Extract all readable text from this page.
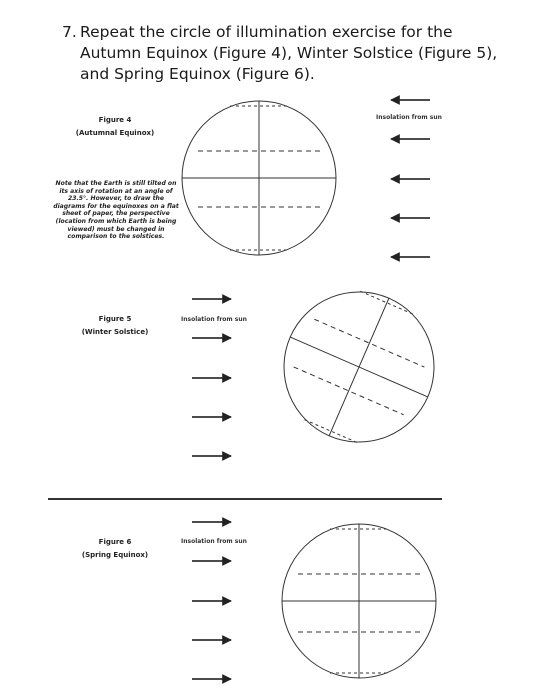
7. Repeat the circle of illumination exercise for the Autumn Equinox (Figure 4), Winter Solstice (Figure 5), and Spring Equinox (Figure 6).
Figure 4
(Autumnal Equinox)
Note that the Earth is still tilted on its axis of rotation at an angle of 23.5°. However, to draw the diagrams for the equinoxes on a flat sheet of paper, the perspective (location from which Earth is being viewed) must be changed in comparison to the solstices.
Insolation from sun
Figure 5
(Winter Solstice)
Insolation from sun
Figure 6
(Spring Equinox)
Insolation from sun
